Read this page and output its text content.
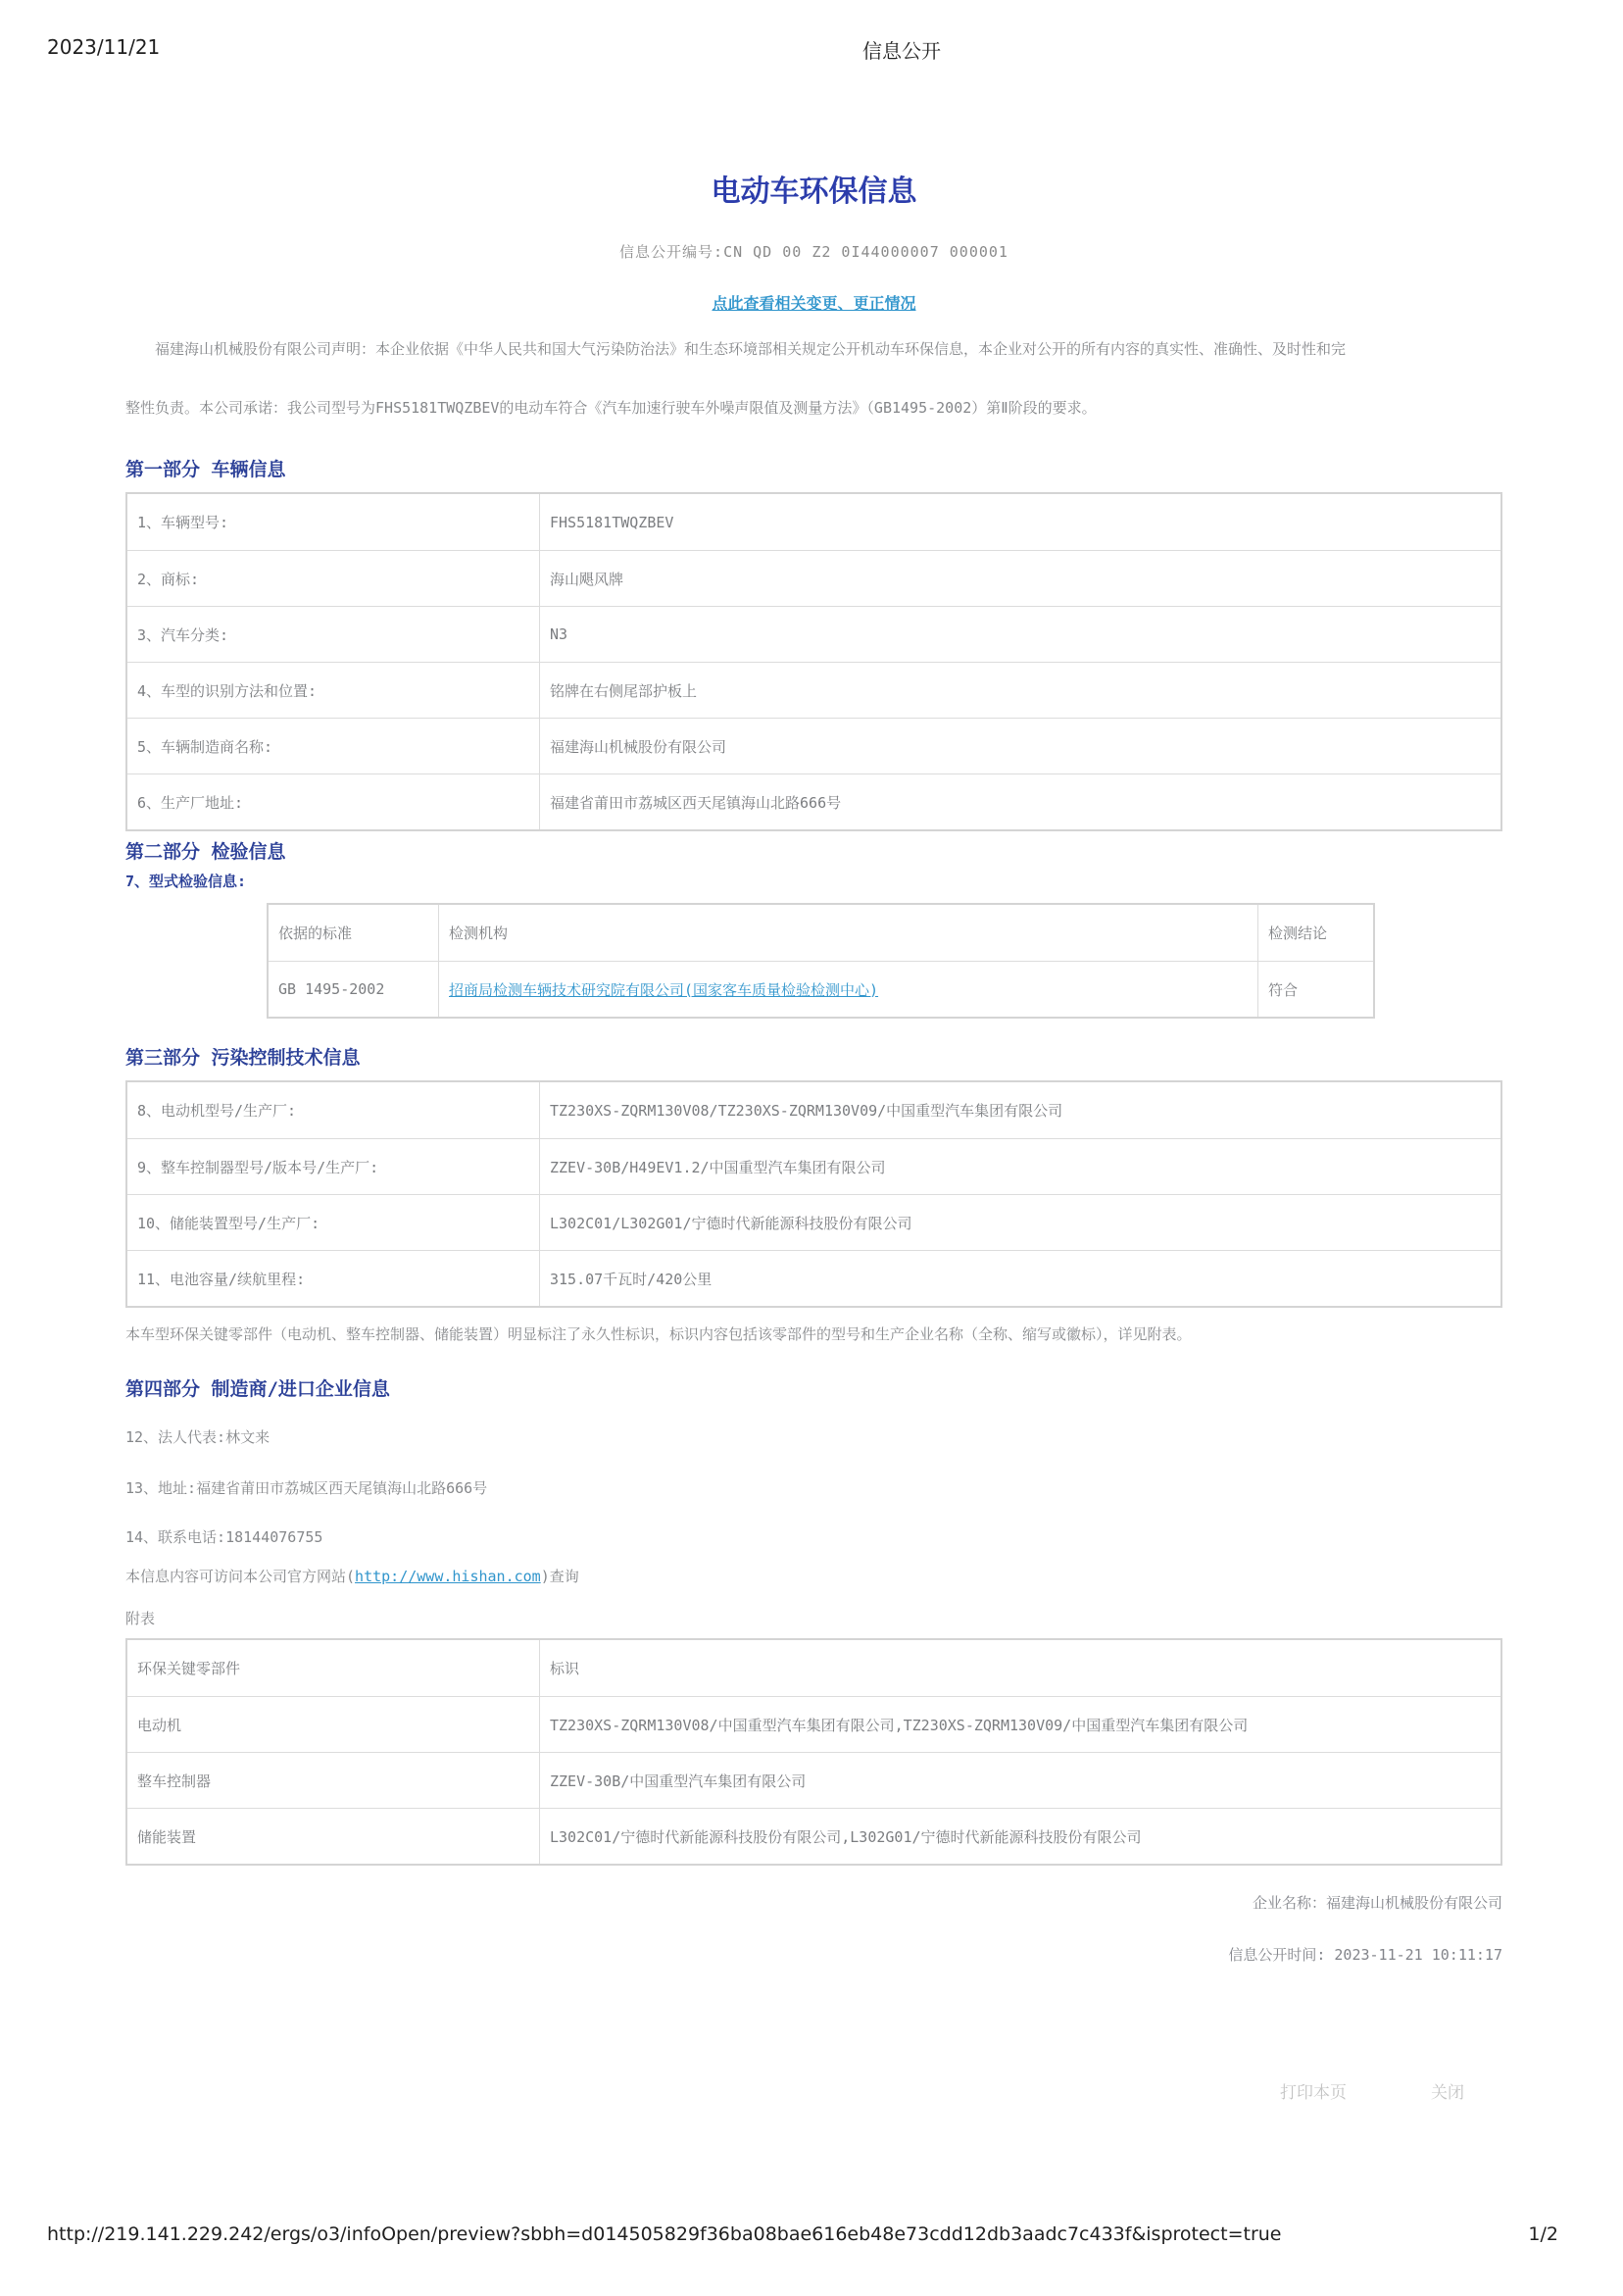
2023/11/21	信息公开
电动车环保信息
信息公开编号:CN QD 00 Z2 0I44000007 000001
点此查看相关变更、更正情况
福建海山机械股份有限公司声明：本企业依据《中华人民共和国大气污染防治法》和生态环境部相关规定公开机动车环保信息，本企业对公开的所有内容的真实性、准确性、及时性和完
整性负责。本公司承诺：我公司型号为FHS5181TWQZBEV的电动车符合《汽车加速行驶车外噪声限值及测量方法》（GB1495-2002）第Ⅱ阶段的要求。
第一部分 车辆信息
1、车辆型号:	FHS5181TWQZBEV
2、商标:	海山飓风牌
3、汽车分类:	N3
4、车型的识别方法和位置:	铭牌在右侧尾部护板上
5、车辆制造商名称:	福建海山机械股份有限公司
6、生产厂地址:	福建省莆田市荔城区西天尾镇海山北路666号
第二部分 检验信息
7、型式检验信息:
依据的标准	检测机构	检测结论
GB 1495-2002	招商局检测车辆技术研究院有限公司(国家客车质量检验检测中心)	符合
第三部分 污染控制技术信息
8、电动机型号/生产厂:	TZ230XS-ZQRM130V08/TZ230XS-ZQRM130V09/中国重型汽车集团有限公司
9、整车控制器型号/版本号/生产厂:	ZZEV-30B/H49EV1.2/中国重型汽车集团有限公司
10、储能装置型号/生产厂:	L302C01/L302G01/宁德时代新能源科技股份有限公司
11、电池容量/续航里程:	315.07千瓦时/420公里
本车型环保关键零部件（电动机、整车控制器、储能装置）明显标注了永久性标识，标识内容包括该零部件的型号和生产企业名称（全称、缩写或徽标），详见附表。
第四部分 制造商/进口企业信息
12、法人代表:林文来
13、地址:福建省莆田市荔城区西天尾镇海山北路666号
14、联系电话:18144076755
本信息内容可访问本公司官方网站(http://www.hishan.com)查询
附表
环保关键零部件	标识
电动机	TZ230XS-ZQRM130V08/中国重型汽车集团有限公司,TZ230XS-ZQRM130V09/中国重型汽车集团有限公司
整车控制器	ZZEV-30B/中国重型汽车集团有限公司
储能装置	L302C01/宁德时代新能源科技股份有限公司,L302G01/宁德时代新能源科技股份有限公司
企业名称：福建海山机械股份有限公司
信息公开时间: 2023-11-21 10:11:17
打印本页	关闭
http://219.141.229.242/ergs/o3/infoOpen/preview?sbbh=d014505829f36ba08bae616eb48e73cdd12db3aadc7c433f&isprotect=true	1/2
